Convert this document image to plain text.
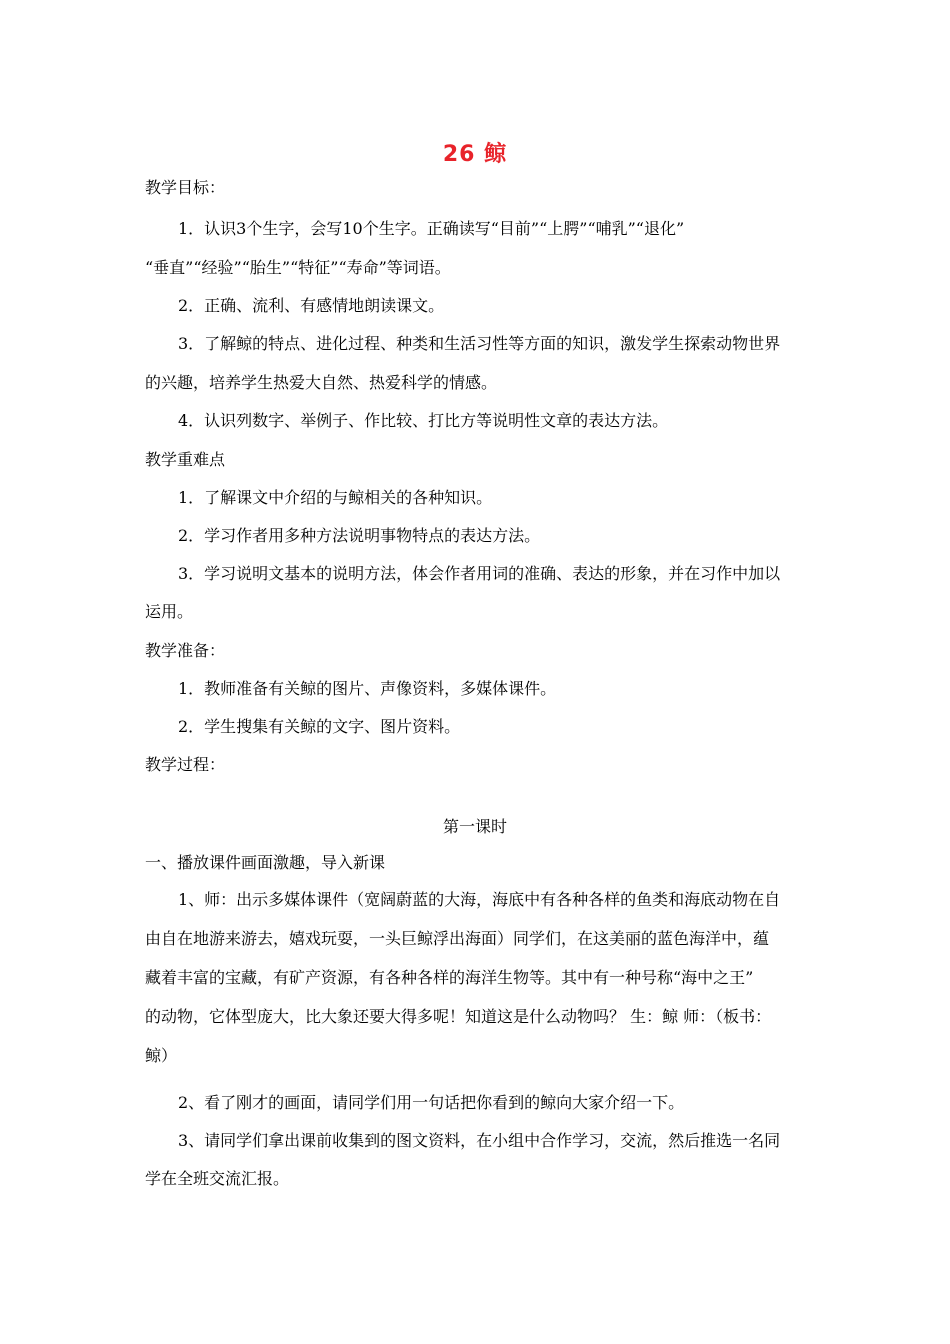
26 鲸
教学目标：
1．认识3个生字，会写10个生字。正确读写“目前”“上腭”“哺乳”“退化”
“垂直”“经验”“胎生”“特征”“寿命”等词语。
2．正确、流利、有感情地朗读课文。
3．了解鲸的特点、进化过程、种类和生活习性等方面的知识，激发学生探索动物世界
的兴趣，培养学生热爱大自然、热爱科学的情感。
4．认识列数字、举例子、作比较、打比方等说明性文章的表达方法。
教学重难点
1．了解课文中介绍的与鲸相关的各种知识。
2．学习作者用多种方法说明事物特点的表达方法。
3．学习说明文基本的说明方法，体会作者用词的准确、表达的形象，并在习作中加以
运用。
教学准备：
1．教师准备有关鲸的图片、声像资料，多媒体课件。
2．学生搜集有关鲸的文字、图片资料。
教学过程：
第一课时
一、播放课件画面激趣，导入新课
1、师：出示多媒体课件（宽阔蔚蓝的大海，海底中有各种各样的鱼类和海底动物在自
由自在地游来游去，嬉戏玩耍，一头巨鲸浮出海面）同学们，在这美丽的蓝色海洋中，蕴
藏着丰富的宝藏，有矿产资源，有各种各样的海洋生物等。其中有一种号称“海中之王”
的动物，它体型庞大，比大象还要大得多呢！知道这是什么动物吗？ 生：鲸 师：（板书：
鲸）
2、看了刚才的画面，请同学们用一句话把你看到的鲸向大家介绍一下。
3、请同学们拿出课前收集到的图文资料，在小组中合作学习，交流，然后推选一名同
学在全班交流汇报。
